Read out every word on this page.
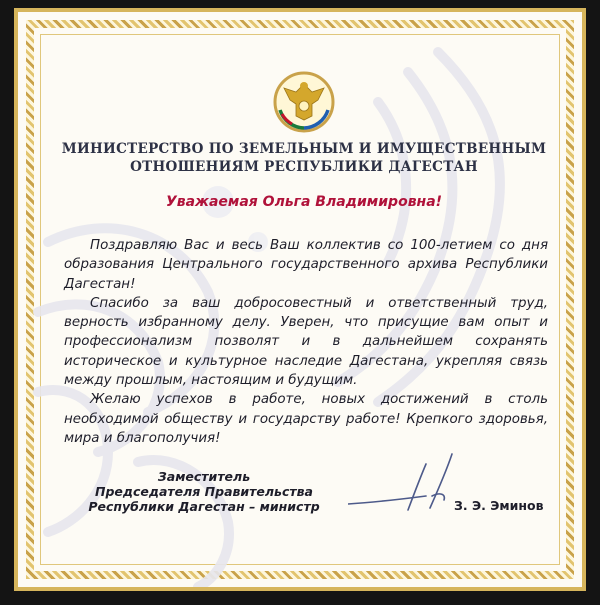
МИНИСТЕРСТВО ПО ЗЕМЕЛЬНЫМ И ИМУЩЕСТВЕННЫМ
ОТНОШЕНИЯМ РЕСПУБЛИКИ ДАГЕСТАН
Уважаемая Ольга Владимировна!

Поздравляю Вас и весь Ваш коллектив со 100-летием со дня образования Центрального государственного архива Республики Дагестан!

Спасибо за ваш добросовестный и ответственный труд, верность избранному делу. Уверен, что присущие вам опыт и профессионализм позволят и в дальнейшем сохранять историческое и культурное наследие Дагестана, укрепляя связь между прошлым, настоящим и будущим.

Желаю успехов в работе, новых достижений в столь необходимой обществу и государству работе! Крепкого здоровья, мира и благополучия!

Заместитель
Председателя Правительства
Республики Дагестан – министр	З. Э. Эминов
